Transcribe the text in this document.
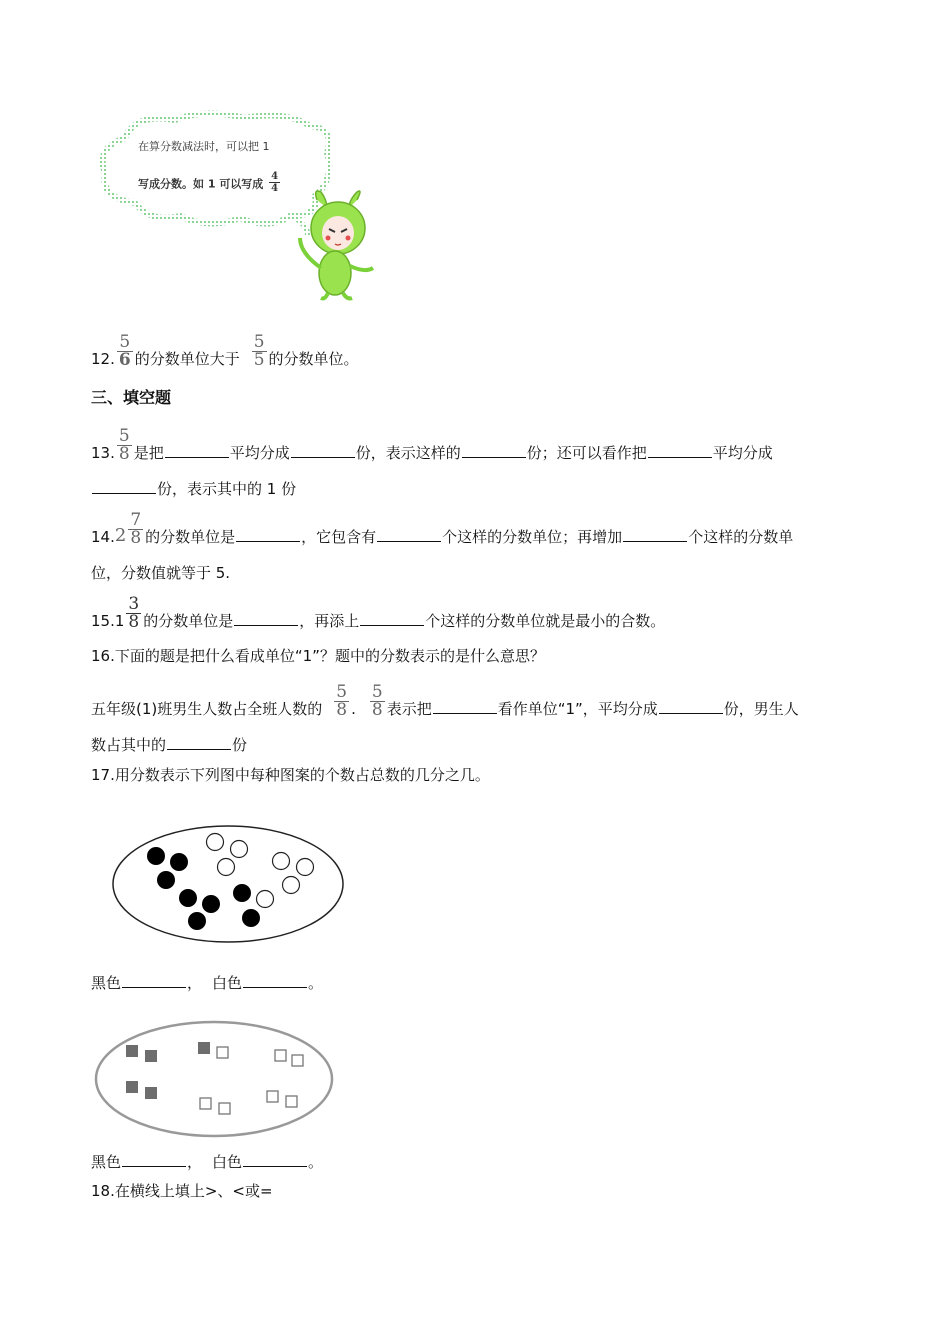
在算分数减法时，可以把 1
写成分数。如 1 可以写成 $\frac{4}{4}$
12. $\frac{5}{6}$ 的分数单位大于 $\frac{5}{5}$ 的分数单位。
三、填空题
13. $\frac{5}{8}$ 是把	平均分成	份，表示这样的	份；还可以看作把	平均分成
份，表示其中的 1 份
$14.2 \frac{7}{8}$ 的分数单位是	，它包含有	个这样的分数单位；再增加	个这样的分数单
位，分数值就等于 5.
$15.1 \frac{3}{8}$ 的分数单位是	，再添上	个这样的分数单位就是最小的合数。
16.下面的题是把什么看成单位“1”？题中的分数表示的是什么意思？
五年级(1)班男生人数占全班人数的 $\frac{5}{8}$ . $\frac{5}{8}$ 表示把	看作单位“1”，平均分成	份，男生人
数占其中的	份
17.用分数表示下列图中每种图案的个数占总数的几分之几。
黑色	， 白色	。
黑色	， 白色	。
18.在横线上填上>、<或=
